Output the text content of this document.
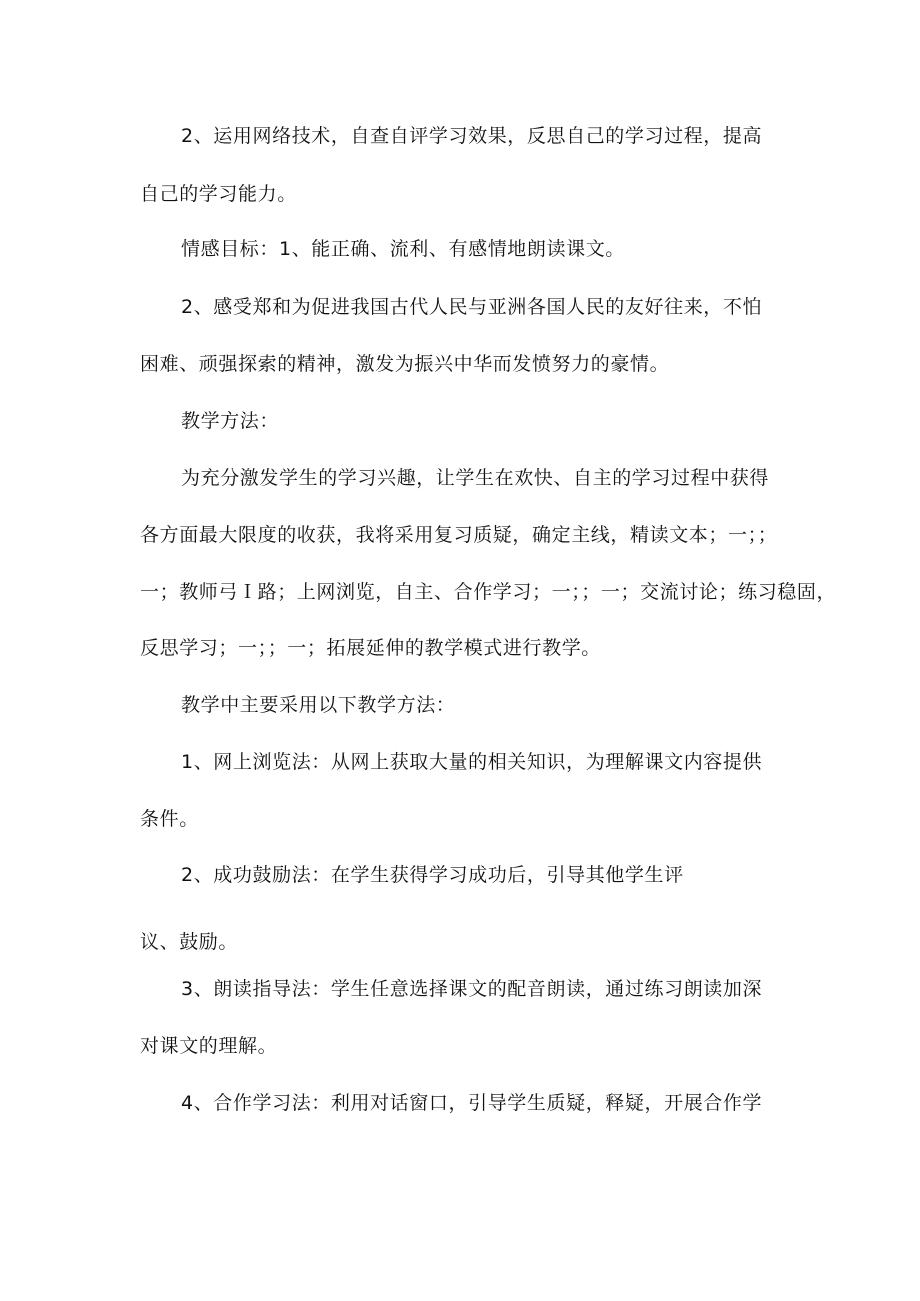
2、运用网络技术，自查自评学习效果，反思自己的学习过程，提高
自己的学习能力。
情感目标：1、能正确、流利、有感情地朗读课文。
2、感受郑和为促进我国古代人民与亚洲各国人民的友好往来，不怕
困难、顽强探索的精神，激发为振兴中华而发愤努力的豪情。
教学方法：
为充分激发学生的学习兴趣，让学生在欢快、自主的学习过程中获得
各方面最大限度的收获，我将采用复习质疑，确定主线，精读文本；一；；
一；教师弓Ｉ路；上网浏览，自主、合作学习；一；；一；交流讨论；练习稳固，
反思学习；一；；一；拓展延伸的教学模式进行教学。
教学中主要采用以下教学方法：
1、网上浏览法：从网上获取大量的相关知识，为理解课文内容提供
条件。
2、成功鼓励法：在学生获得学习成功后，引导其他学生评
议、鼓励。
3、朗读指导法：学生任意选择课文的配音朗读，通过练习朗读加深
对课文的理解。
4、合作学习法：利用对话窗口，引导学生质疑，释疑，开展合作学
